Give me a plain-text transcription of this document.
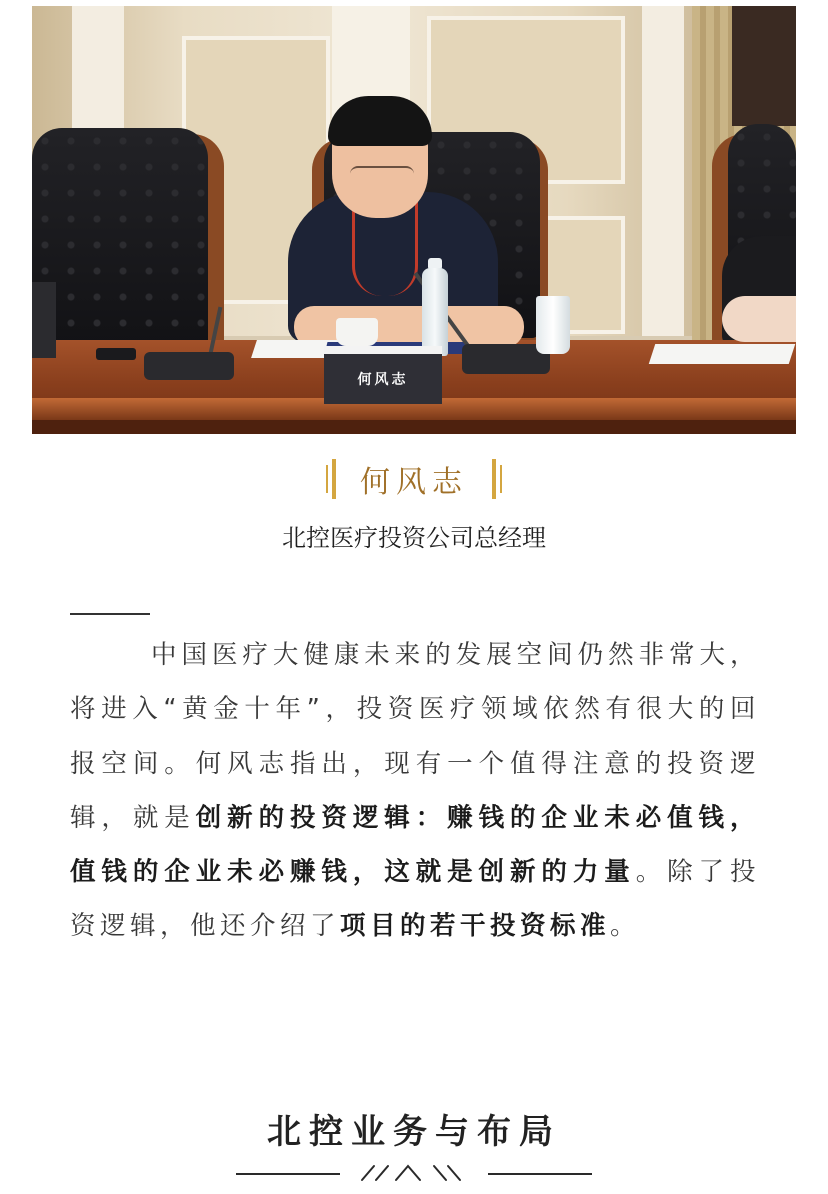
何风志
何风志
北控医疗投资公司总经理

中国医疗大健康未来的发展空间仍然非常大，将进入“黄金十年”，投资医疗领域依然有很大的回报空间。何风志指出，现有一个值得注意的投资逻辑，就是创新的投资逻辑：赚钱的企业未必值钱，值钱的企业未必赚钱，这就是创新的力量。除了投资逻辑，他还介绍了项目的若干投资标准。

北控业务与布局
